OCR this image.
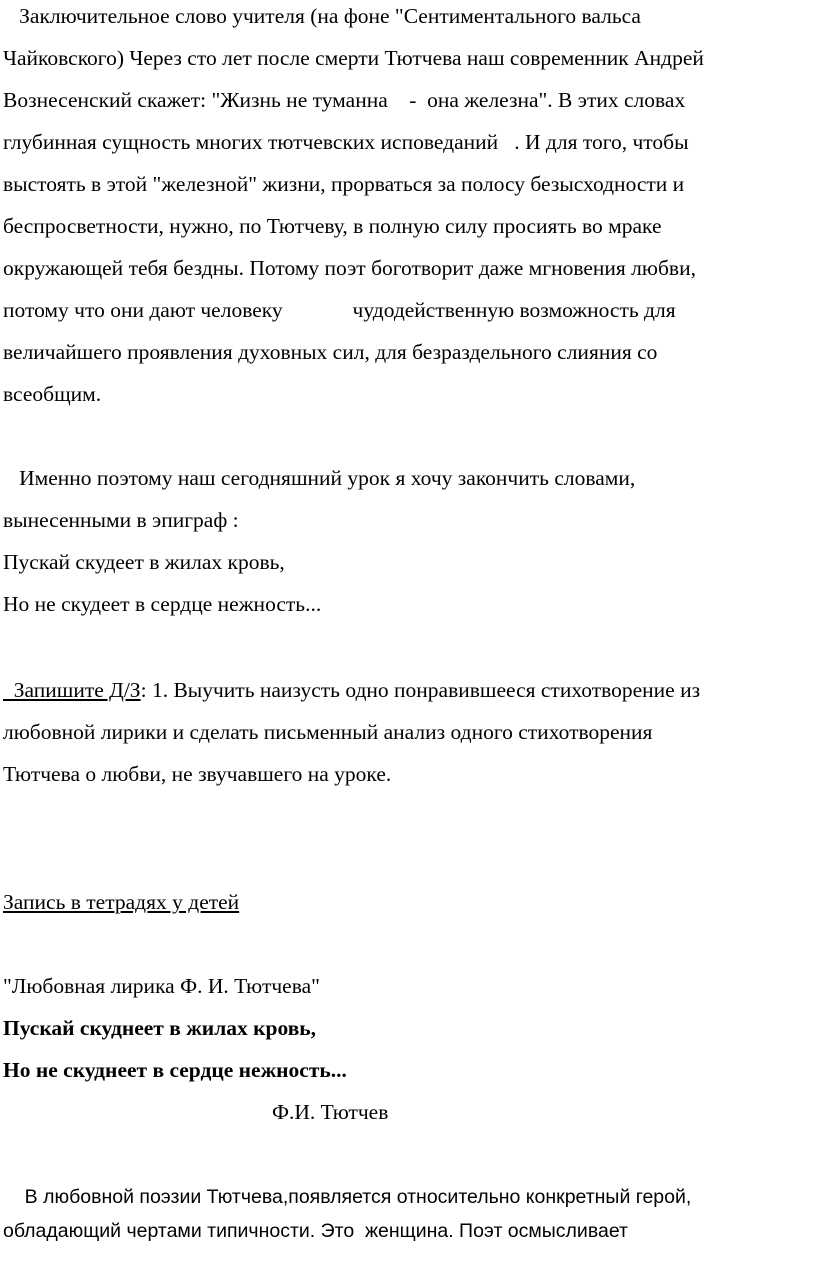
Заключительное слово учителя (на фоне "Сентиментального вальса
Чайковского) Через сто лет после смерти Тютчева наш современник Андрей
Вознесенский скажет: "Жизнь не туманна    -  она железна". В этих словах
глубинная сущность многих тютчевских исповеданий   . И для того, чтобы
выстоять в этой "железной" жизни, прорваться за полосу безысходности и
беспросветности, нужно, по Тютчеву, в полную силу просиять во мраке
окружающей тебя бездны. Потому поэт боготворит даже мгновения любви,
потому что они дают человеку             чудодейственную возможность для
величайшего проявления духовных сил, для безраздельного слияния со
всеобщим.
Именно поэтому наш сегодняшний урок я хочу закончить словами,
вынесенными в эпиграф :
Пускай скудеет в жилах кровь,
Но не скудеет в сердце нежность...
Запишите Д/З: 1. Выучить наизусть одно понравившееся стихотворение из
любовной лирики и сделать письменный анализ одного стихотворения
Тютчева о любви, не звучавшего на уроке.
Запись в тетрадях у детей
"Любовная лирика Ф. И. Тютчева"
Пускай скуднеет в жилах кровь,
Но не скуднеет в сердце нежность...
Ф.И. Тютчев
В любовной поэзии Тютчева,появляется относительно конкретный герой,
обладающий чертами типичности. Это  женщина. Поэт осмысливает
